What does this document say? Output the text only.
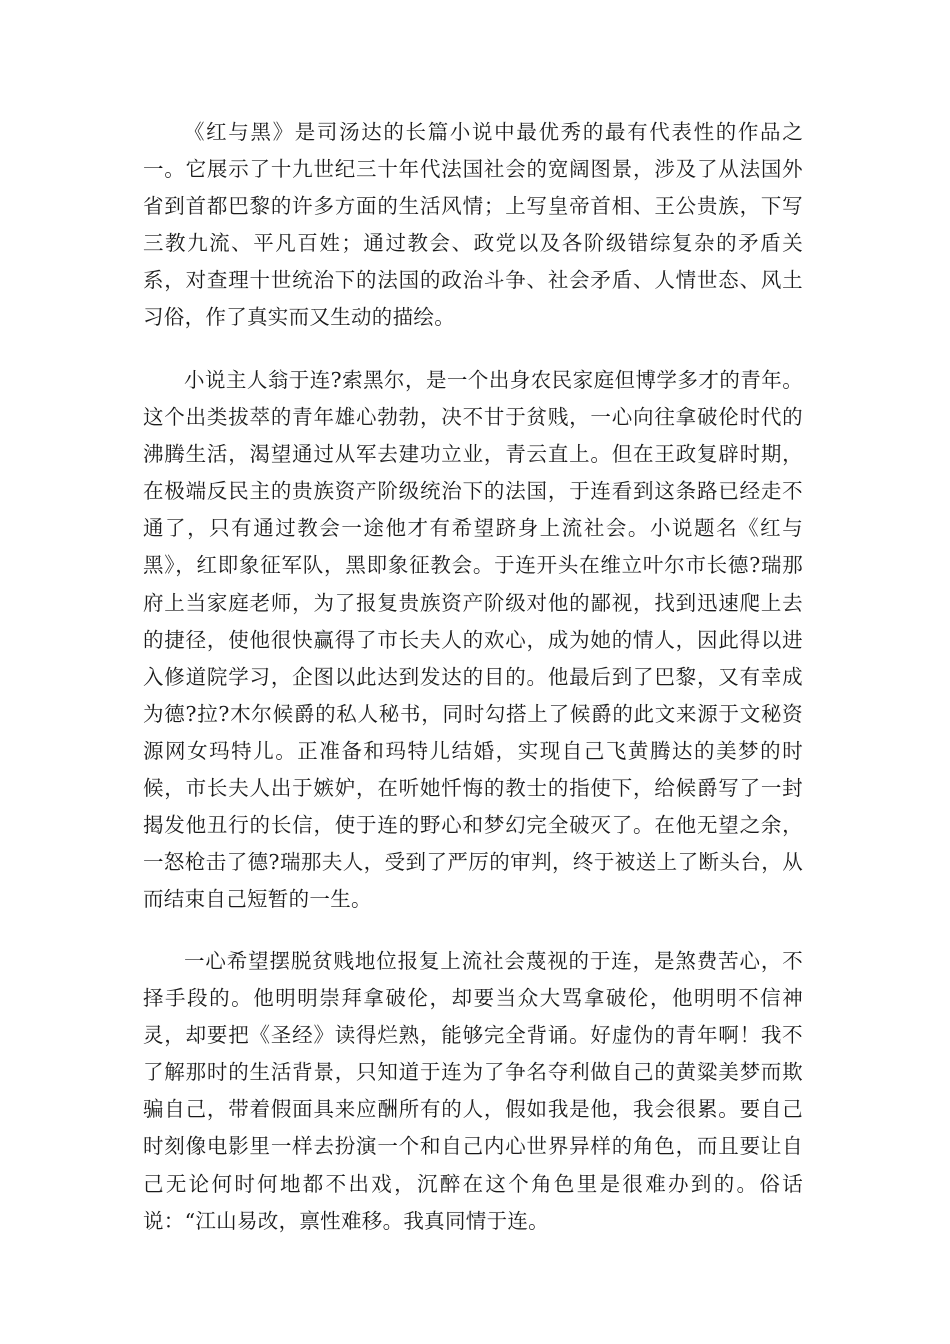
《红与黑》是司汤达的长篇小说中最优秀的最有代表性的作品之一。它展示了十九世纪三十年代法国社会的宽阔图景，涉及了从法国外省到首都巴黎的许多方面的生活风情；上写皇帝首相、王公贵族，下写三教九流、平凡百姓；通过教会、政党以及各阶级错综复杂的矛盾关系，对查理十世统治下的法国的政治斗争、社会矛盾、人情世态、风土习俗，作了真实而又生动的描绘。

小说主人翁于连?索黑尔，是一个出身农民家庭但博学多才的青年。这个出类拔萃的青年雄心勃勃，决不甘于贫贱，一心向往拿破伦时代的沸腾生活，渴望通过从军去建功立业，青云直上。但在王政复辟时期，在极端反民主的贵族资产阶级统治下的法国，于连看到这条路已经走不通了，只有通过教会一途他才有希望跻身上流社会。小说题名《红与黑》，红即象征军队，黑即象征教会。于连开头在维立叶尔市长德?瑞那府上当家庭老师，为了报复贵族资产阶级对他的鄙视，找到迅速爬上去的捷径，使他很快赢得了市长夫人的欢心，成为她的情人，因此得以进入修道院学习，企图以此达到发达的目的。他最后到了巴黎，又有幸成为德?拉?木尔候爵的私人秘书，同时勾搭上了候爵的此文来源于文秘资源网女玛特儿。正准备和玛特儿结婚，实现自己飞黄腾达的美梦的时候，市长夫人出于嫉妒，在听她忏悔的教士的指使下，给候爵写了一封揭发他丑行的长信，使于连的野心和梦幻完全破灭了。在他无望之余，一怒枪击了德?瑞那夫人，受到了严厉的审判，终于被送上了断头台，从而结束自己短暂的一生。

一心希望摆脱贫贱地位报复上流社会蔑视的于连，是煞费苦心，不择手段的。他明明崇拜拿破伦，却要当众大骂拿破伦，他明明不信神灵，却要把《圣经》读得烂熟，能够完全背诵。好虚伪的青年啊！我不了解那时的生活背景，只知道于连为了争名夺利做自己的黄粱美梦而欺骗自己，带着假面具来应酬所有的人，假如我是他，我会很累。要自己时刻像电影里一样去扮演一个和自己内心世界异样的角色，而且要让自己无论何时何地都不出戏，沉醉在这个角色里是很难办到的。俗话说：“江山易改，禀性难移。我真同情于连。
